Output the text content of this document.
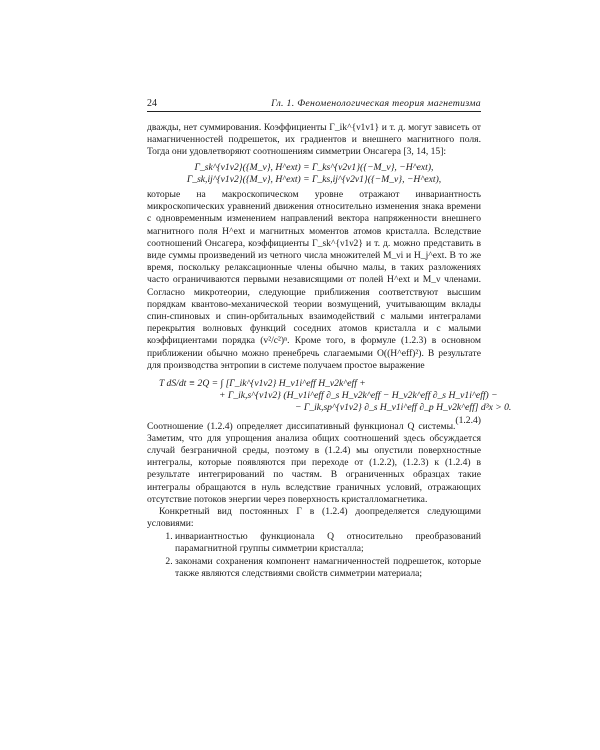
24	Гл. 1. Феноменологическая теория магнетизма

дважды, нет суммирования. Коэффициенты Γ_ik^{ν1ν1} и т. д. могут зависеть от намагниченностей подрешеток, их градиентов и внешнего магнитного поля. Тогда они удовлетворяют соотношениям симметрии Онсагера [3, 14, 15]:

Γ_sk^{ν1ν2}({M_ν}, H^ext) = Γ_ks^{ν2ν1}({−M_ν}, −H^ext),
Γ_sk,ij^{ν1ν2}({M_ν}, H^ext) = Γ_ks,ij^{ν2ν1}({−M_ν}, −H^ext),

которые на макроскопическом уровне отражают инвариантность микроскопических уравнений движения относительно изменения знака времени с одновременным изменением направлений вектора напряженности внешнего магнитного поля H^ext и магнитных моментов атомов кристалла. Вследствие соотношений Онсагера, коэффициенты Γ_sk^{ν1ν2} и т. д. можно представить в виде суммы произведений из четного числа множителей M_νi и H_j^ext. В то же время, поскольку релаксационные члены обычно малы, в таких разложениях часто ограничиваются первыми независящими от полей H^ext и M_ν членами. Согласно микротеории, следующие приближения соответствуют высшим порядкам квантово-механической теории возмущений, учитывающим вклады спин-спиновых и спин-орбитальных взаимодействий с малыми интегралами перекрытия волновых функций соседних атомов кристалла и с малыми коэффициентами порядка (v²/c²)ⁿ. Кроме того, в формуле (1.2.3) в основном приближении обычно можно пренебречь слагаемыми O((H^eff)²). В результате для производства энтропии в системе получаем простое выражение

T dS/dt ≡ 2Q = ∫ [Γ_ik^{ν1ν2} H_ν1i^eff H_ν2k^eff +
+ Γ_ik,s^{ν1ν2} (H_ν1i^eff ∂_s H_ν2k^eff − H_ν2k^eff ∂_s H_ν1i^eff) −
− Γ_ik,sp^{ν1ν2} ∂_s H_ν1i^eff ∂_p H_ν2k^eff] d³x > 0.
(1.2.4)

Соотношение (1.2.4) определяет диссипативный функционал Q системы. Заметим, что для упрощения анализа общих соотношений здесь обсуждается случай безграничной среды, поэтому в (1.2.4) мы опустили поверхностные интегралы, которые появляются при переходе от (1.2.2), (1.2.3) к (1.2.4) в результате интегрирований по частям. В ограниченных образцах такие интегралы обращаются в нуль вследствие граничных условий, отражающих отсутствие потоков энергии через поверхность кристалломагнетика.

Конкретный вид постоянных Γ в (1.2.4) доопределяется следующими условиями:

1. инвариантностью функционала Q относительно преобразований парамагнитной группы симметрии кристалла;
2. законами сохранения компонент намагниченностей подрешеток, которые также являются следствиями свойств симметрии материала;
